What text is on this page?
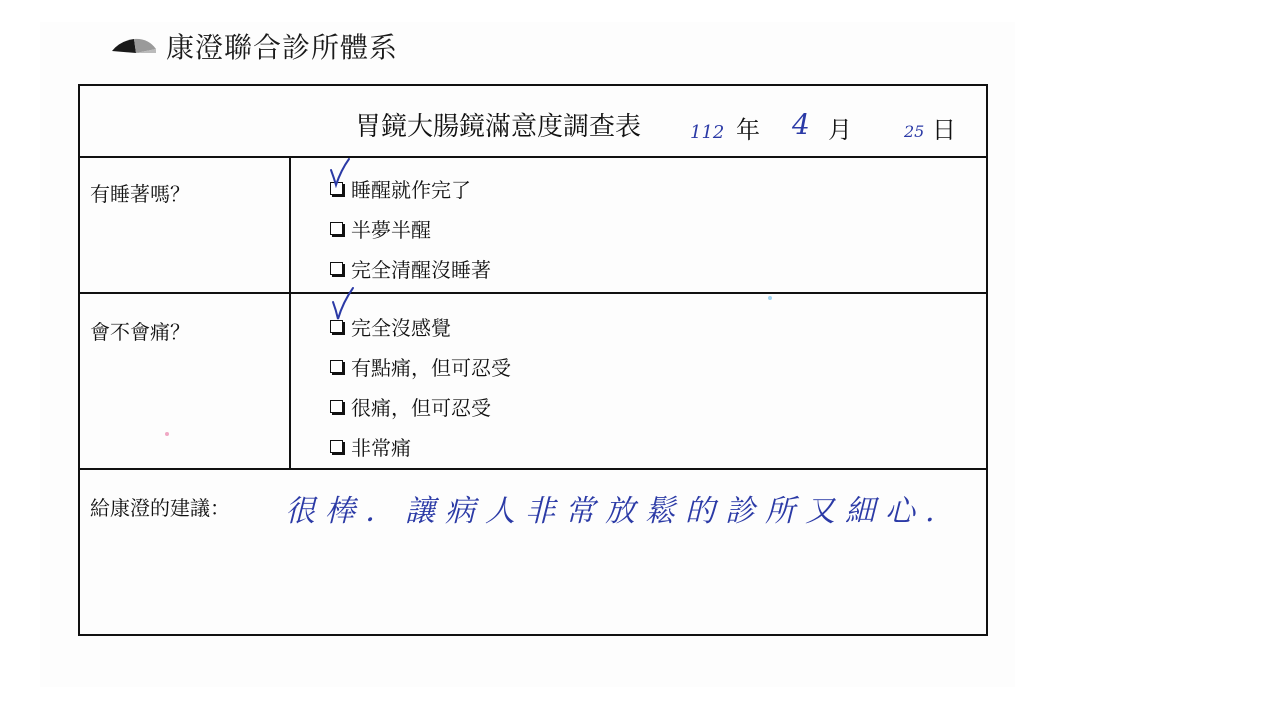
康澄聯合診所體系
胃鏡大腸鏡滿意度調查表	112 年 4 月	25 日
有睡著嗎？	睡醒就作完了
半夢半醒
完全清醒沒睡著
會不會痛？	完全沒感覺
有點痛，但可忍受
很痛，但可忍受
非常痛
給康澄的建議： 很棒．讓病人非常放鬆的診所又細心.
